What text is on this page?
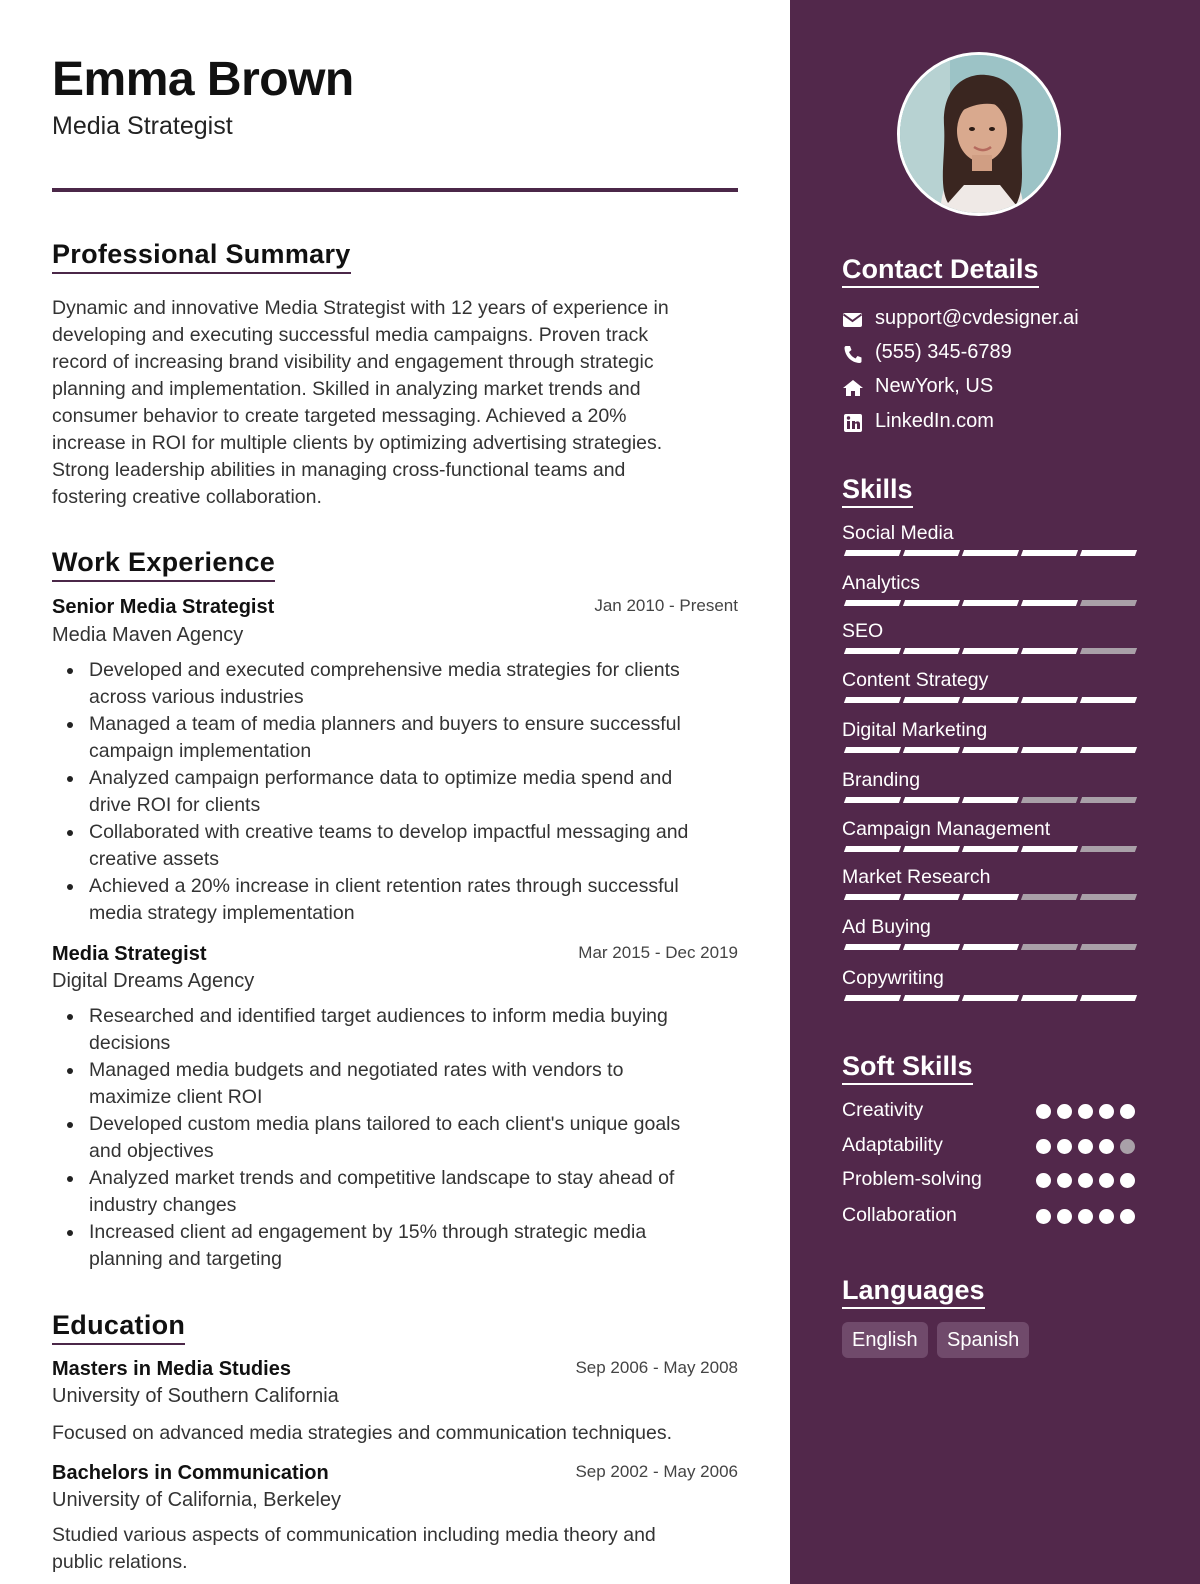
Emma Brown
Media Strategist
Professional Summary
Dynamic and innovative Media Strategist with 12 years of experience in
developing and executing successful media campaigns. Proven track
record of increasing brand visibility and engagement through strategic
planning and implementation. Skilled in analyzing market trends and
consumer behavior to create targeted messaging. Achieved a 20%
increase in ROI for multiple clients by optimizing advertising strategies.
Strong leadership abilities in managing cross-functional teams and
fostering creative collaboration.
Work Experience
Senior Media Strategist	Jan 2010 - Present
Media Maven Agency
Developed and executed comprehensive media strategies for clients
across various industries
Managed a team of media planners and buyers to ensure successful
campaign implementation
Analyzed campaign performance data to optimize media spend and
drive ROI for clients
Collaborated with creative teams to develop impactful messaging and
creative assets
Achieved a 20% increase in client retention rates through successful
media strategy implementation
Media Strategist	Mar 2015 - Dec 2019
Digital Dreams Agency
Researched and identified target audiences to inform media buying
decisions
Managed media budgets and negotiated rates with vendors to
maximize client ROI
Developed custom media plans tailored to each client's unique goals
and objectives
Analyzed market trends and competitive landscape to stay ahead of
industry changes
Increased client ad engagement by 15% through strategic media
planning and targeting
Education
Masters in Media Studies	Sep 2006 - May 2008
University of Southern California
Focused on advanced media strategies and communication techniques.
Bachelors in Communication	Sep 2002 - May 2006
University of California, Berkeley
Studied various aspects of communication including media theory and
public relations.
Contact Details
support@cvdesigner.ai
(555) 345-6789
NewYork, US
LinkedIn.com
Skills
Social Media
Analytics
SEO
Content Strategy
Digital Marketing
Branding
Campaign Management
Market Research
Ad Buying
Copywriting
Soft Skills
Creativity
Adaptability
Problem-solving
Collaboration
Languages
English	Spanish
